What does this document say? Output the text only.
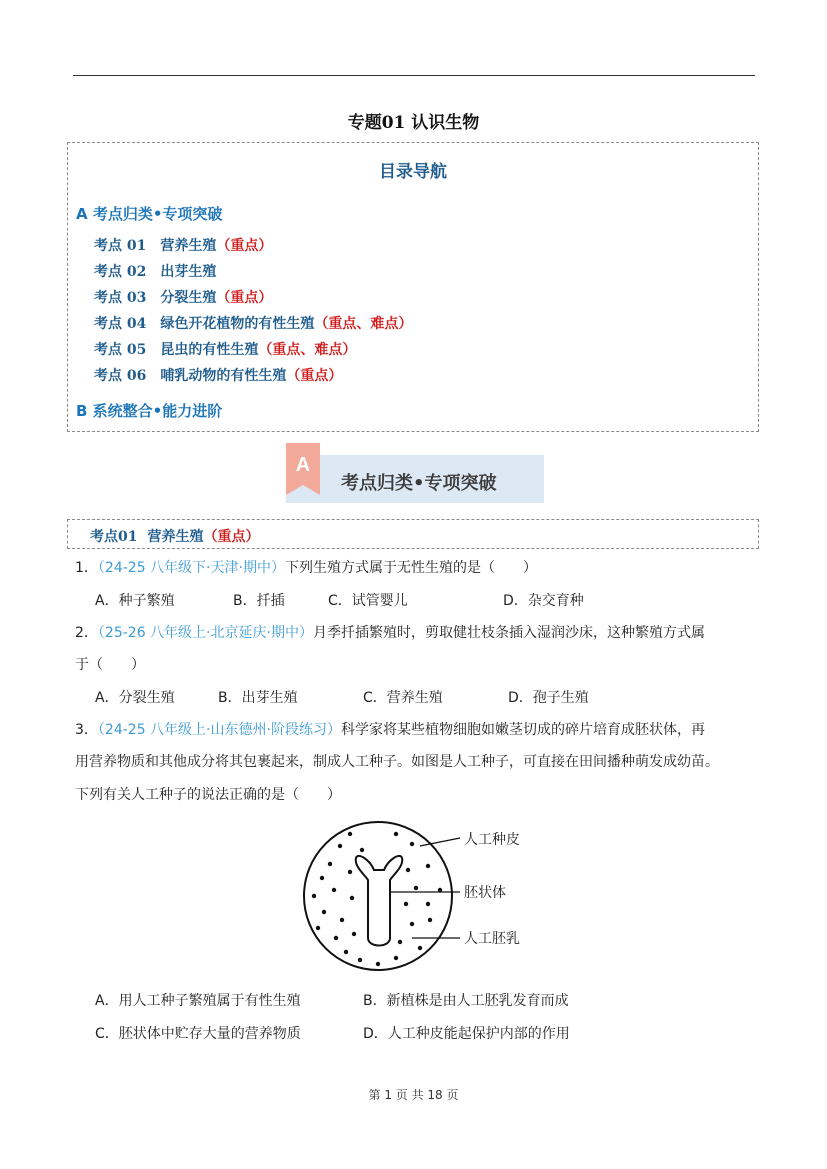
专题01 认识生物
目录导航
A 考点归类•专项突破
考点 01 营养生殖（重点）
考点 02 出芽生殖
考点 03 分裂生殖（重点）
考点 04 绿色开花植物的有性生殖（重点、难点）
考点 05 昆虫的有性生殖（重点、难点）
考点 06 哺乳动物的有性生殖（重点）
B 系统整合•能力进阶
A
考点归类•专项突破
考点01 营养生殖（重点）
1．（24-25 八年级下·天津·期中）下列生殖方式属于无性生殖的是（　　）
A．种子繁殖	B．扦插	C．试管婴儿	D．杂交育种
2．（25-26 八年级上·北京延庆·期中）月季扦插繁殖时，剪取健壮枝条插入湿润沙床，这种繁殖方式属
于（　　）
A．分裂生殖	B．出芽生殖	C．营养生殖	D．孢子生殖
3．（24-25 八年级上·山东德州·阶段练习）科学家将某些植物细胞如嫩茎切成的碎片培育成胚状体，再
用营养物质和其他成分将其包裹起来，制成人工种子。如图是人工种子，可直接在田间播种萌发成幼苗。
下列有关人工种子的说法正确的是（　　）
人工种皮
胚状体
人工胚乳
A．用人工种子繁殖属于有性生殖	B．新植株是由人工胚乳发育而成
C．胚状体中贮存大量的营养物质	D．人工种皮能起保护内部的作用
第 1 页 共 18 页
